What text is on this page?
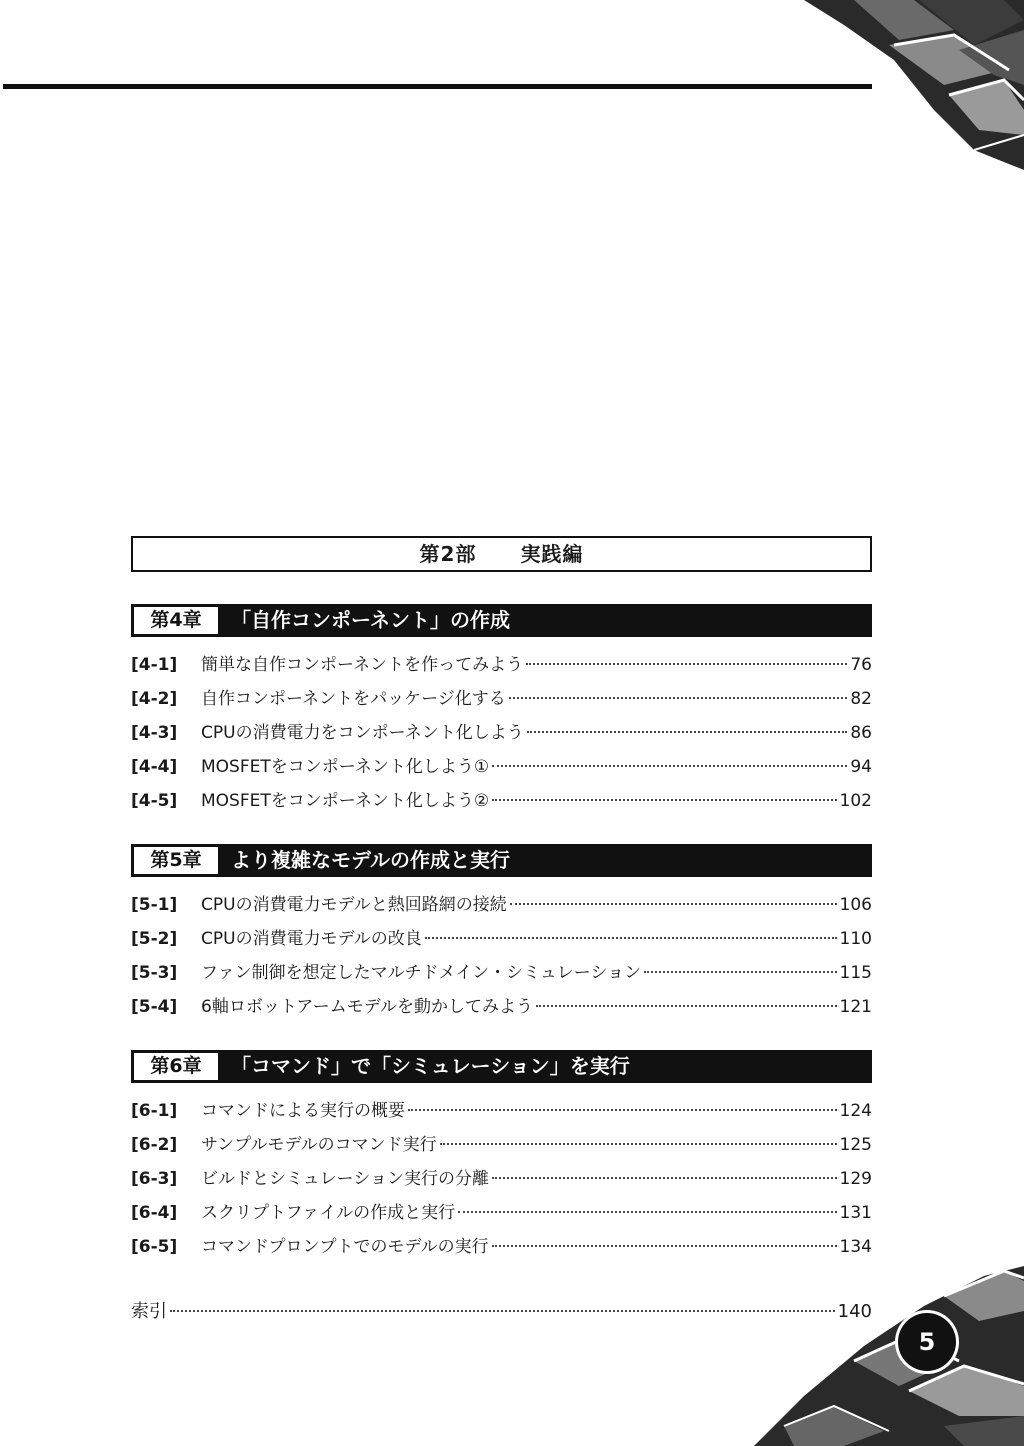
第2部 実践編
第4章	「自作コンポーネント」の作成
[4-1]	簡単な自作コンポーネントを作ってみよう	76
[4-2]	自作コンポーネントをパッケージ化する	82
[4-3]	CPUの消費電力をコンポーネント化しよう	86
[4-4]	MOSFETをコンポーネント化しよう①	94
[4-5]	MOSFETをコンポーネント化しよう②	102
第5章	より複雑なモデルの作成と実行
[5-1]	CPUの消費電力モデルと熱回路網の接続	106
[5-2]	CPUの消費電力モデルの改良	110
[5-3]	ファン制御を想定したマルチドメイン・シミュレーション	115
[5-4]	6軸ロボットアームモデルを動かしてみよう	121
第6章	「コマンド」で「シミュレーション」を実行
[6-1]	コマンドによる実行の概要	124
[6-2]	サンプルモデルのコマンド実行	125
[6-3]	ビルドとシミュレーション実行の分離	129
[6-4]	スクリプトファイルの作成と実行	131
[6-5]	コマンドプロンプトでのモデルの実行	134
索引	140
5
